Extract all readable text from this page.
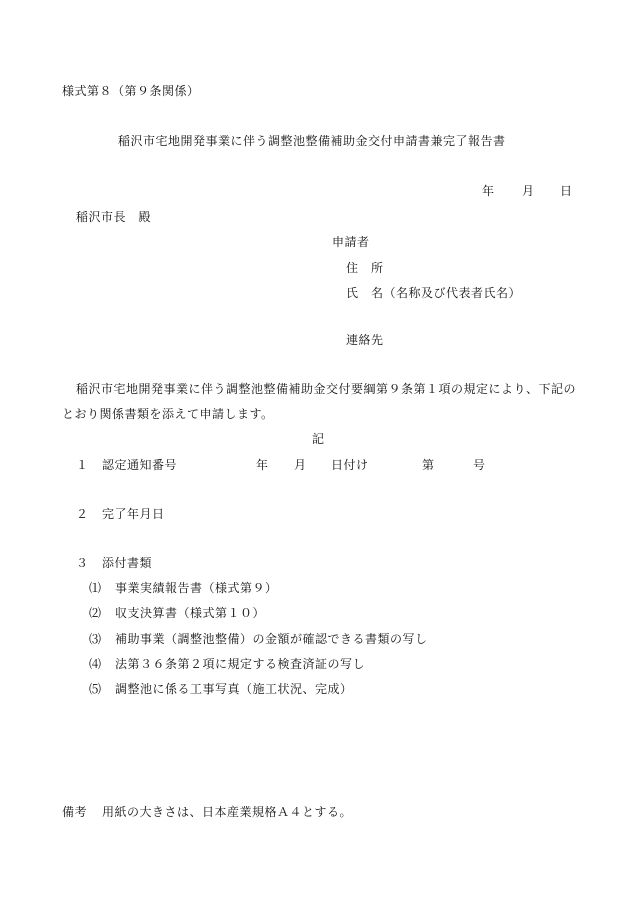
様式第８（第９条関係）
稲沢市宅地開発事業に伴う調整池整備補助金交付申請書兼完了報告書
年 月 日
稲沢市長　殿
申請者
住　所
氏　名（名称及び代表者氏名）
連絡先
稲沢市宅地開発事業に伴う調整池整備補助金交付要綱第９条第１項の規定により、下記の
とおり関係書類を添えて申請します。
記
１ 認定通知番号	年 月 日付け	第	号
２ 完了年月日
３ 添付書類
⑴ 事業実績報告書（様式第９）
⑵ 収支決算書（様式第１０）
⑶ 補助事業（調整池整備）の金額が確認できる書類の写し
⑷ 法第３６条第２項に規定する検査済証の写し
⑸ 調整池に係る工事写真（施工状況、完成）
備考 用紙の大きさは、日本産業規格Ａ４とする。
